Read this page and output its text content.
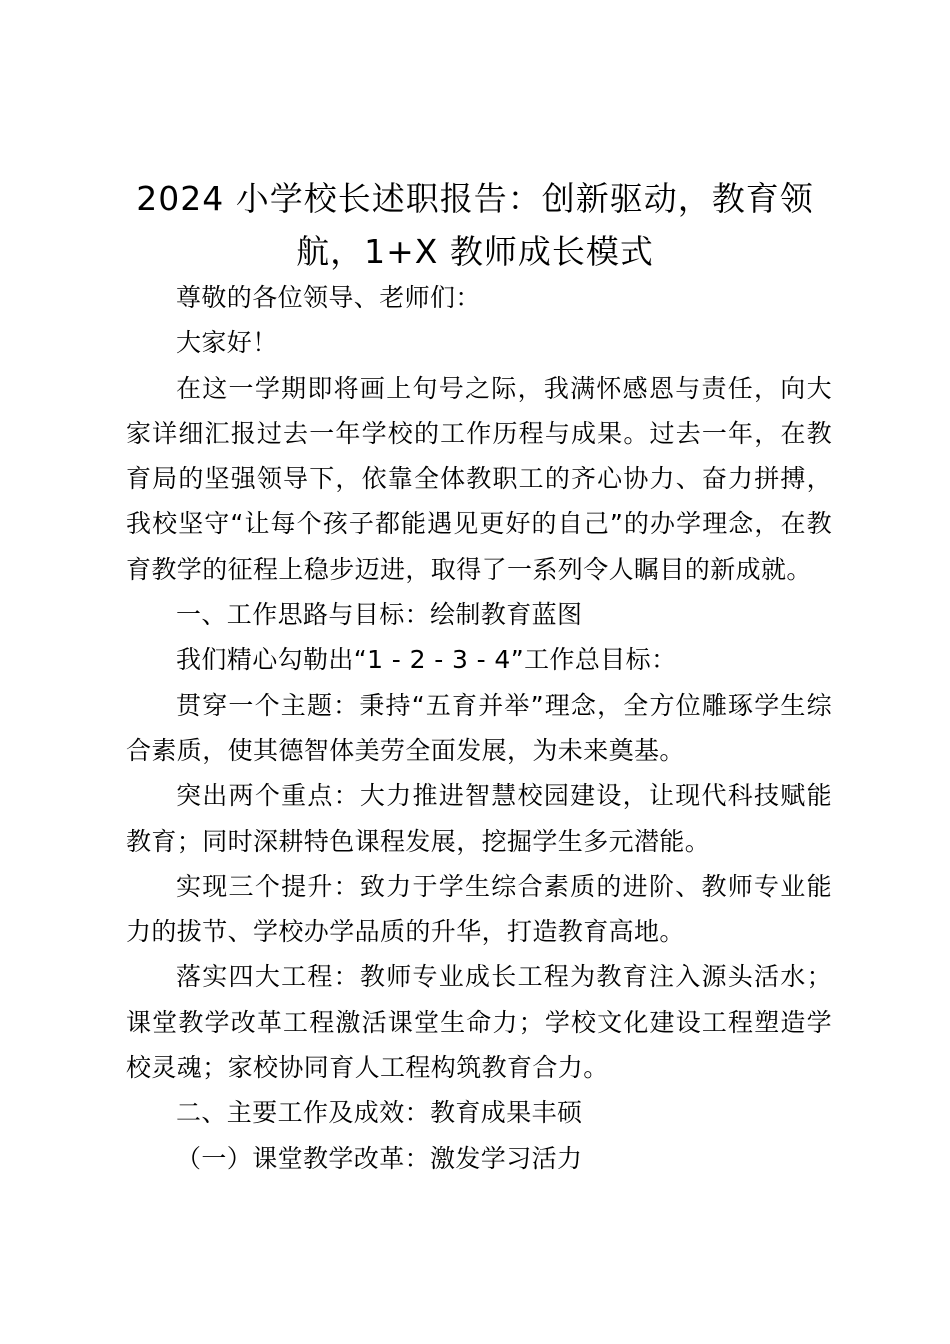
2024 小学校长述职报告：创新驱动，教育领航，1+X 教师成长模式

尊敬的各位领导、老师们：

大家好！

在这一学期即将画上句号之际，我满怀感恩与责任，向大家详细汇报过去一年学校的工作历程与成果。过去一年，在教育局的坚强领导下，依靠全体教职工的齐心协力、奋力拼搏，我校坚守“让每个孩子都能遇见更好的自己”的办学理念，在教育教学的征程上稳步迈进，取得了一系列令人瞩目的新成就。

一、工作思路与目标：绘制教育蓝图

我们精心勾勒出“1 - 2 - 3 - 4”工作总目标：

贯穿一个主题：秉持“五育并举”理念，全方位雕琢学生综合素质，使其德智体美劳全面发展，为未来奠基。

突出两个重点：大力推进智慧校园建设，让现代科技赋能教育；同时深耕特色课程发展，挖掘学生多元潜能。

实现三个提升：致力于学生综合素质的进阶、教师专业能力的拔节、学校办学品质的升华，打造教育高地。

落实四大工程：教师专业成长工程为教育注入源头活水；课堂教学改革工程激活课堂生命力；学校文化建设工程塑造学校灵魂；家校协同育人工程构筑教育合力。

二、主要工作及成效：教育成果丰硕

（一）课堂教学改革：激发学习活力
